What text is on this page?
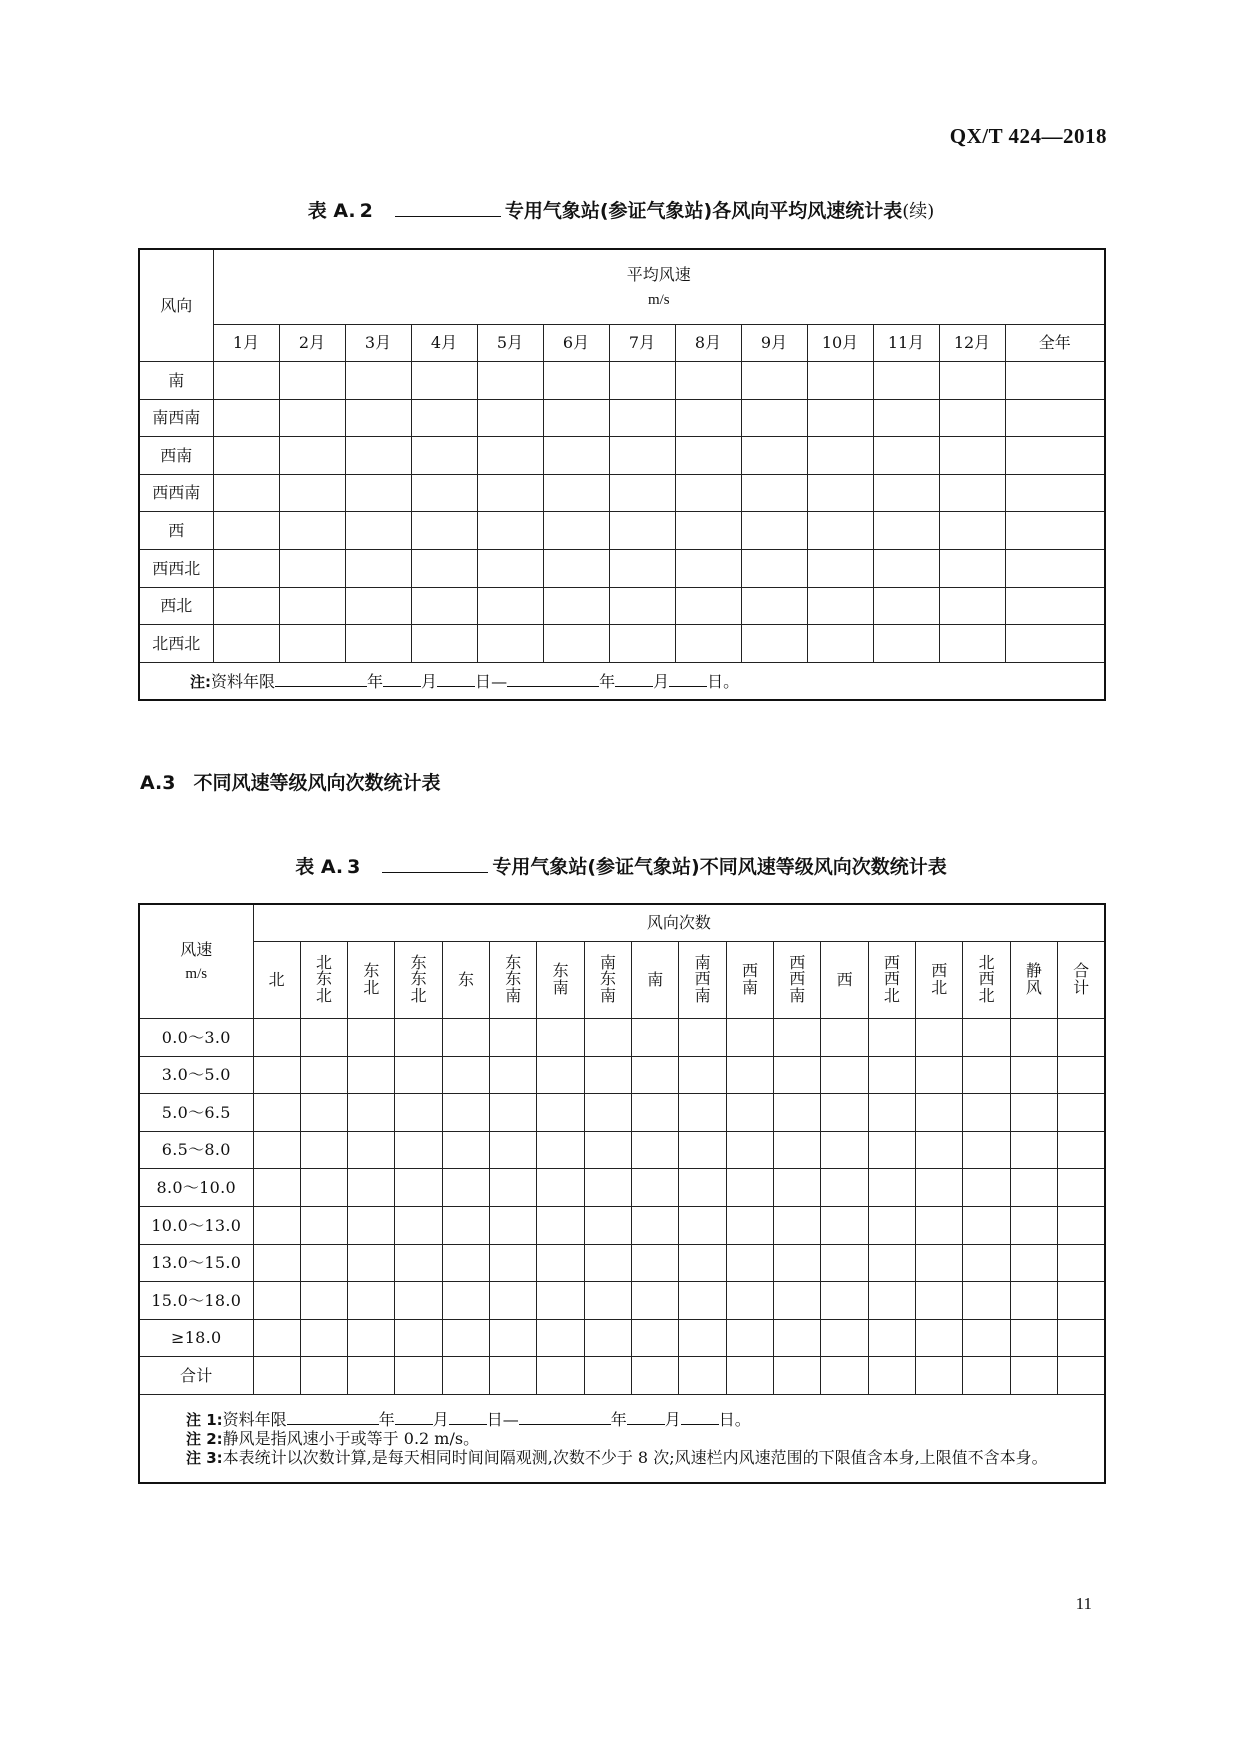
QX/T 424—2018
表 A. 2	专用气象站(参证气象站)各风向平均风速统计表(续)
风向	平均风速
m/s												

	1月	2月	3月	4月	5月	6月	7月	8月	9月	10月	11月	12月	全年
南													
南西南													
西南													
西西南													
西													
西西北													
西北													
北西北													
注:资料年限 年 月 日— 年 月 日。													
A.3 不同风速等级风向次数统计表
表 A. 3	专用气象站(参证气象站)不同风速等级风向次数统计表
风速
m/s	风向次数																	
	北	北东北	东北	东东北	东	东东南	东南	南东南	南	南西南	西南	西西南	西	西西北	西北	北西北	静风	合计
0.0～3.0																		
3.0～5.0																		
5.0～6.5																		
6.5～8.0																		
8.0～10.0																		
10.0～13.0																		
13.0～15.0																		
15.0～18.0																		
≥18.0																		
合计																		

注 1:资料年限 年 月 日— 年 月 日。
注 2:静风是指风速小于或等于 0.2 m/s。
注 3:本表统计以次数计算,是每天相同时间间隔观测,次数不少于 8 次;风速栏内风速范围的下限值含本身,上限值不含本身。																		
11
